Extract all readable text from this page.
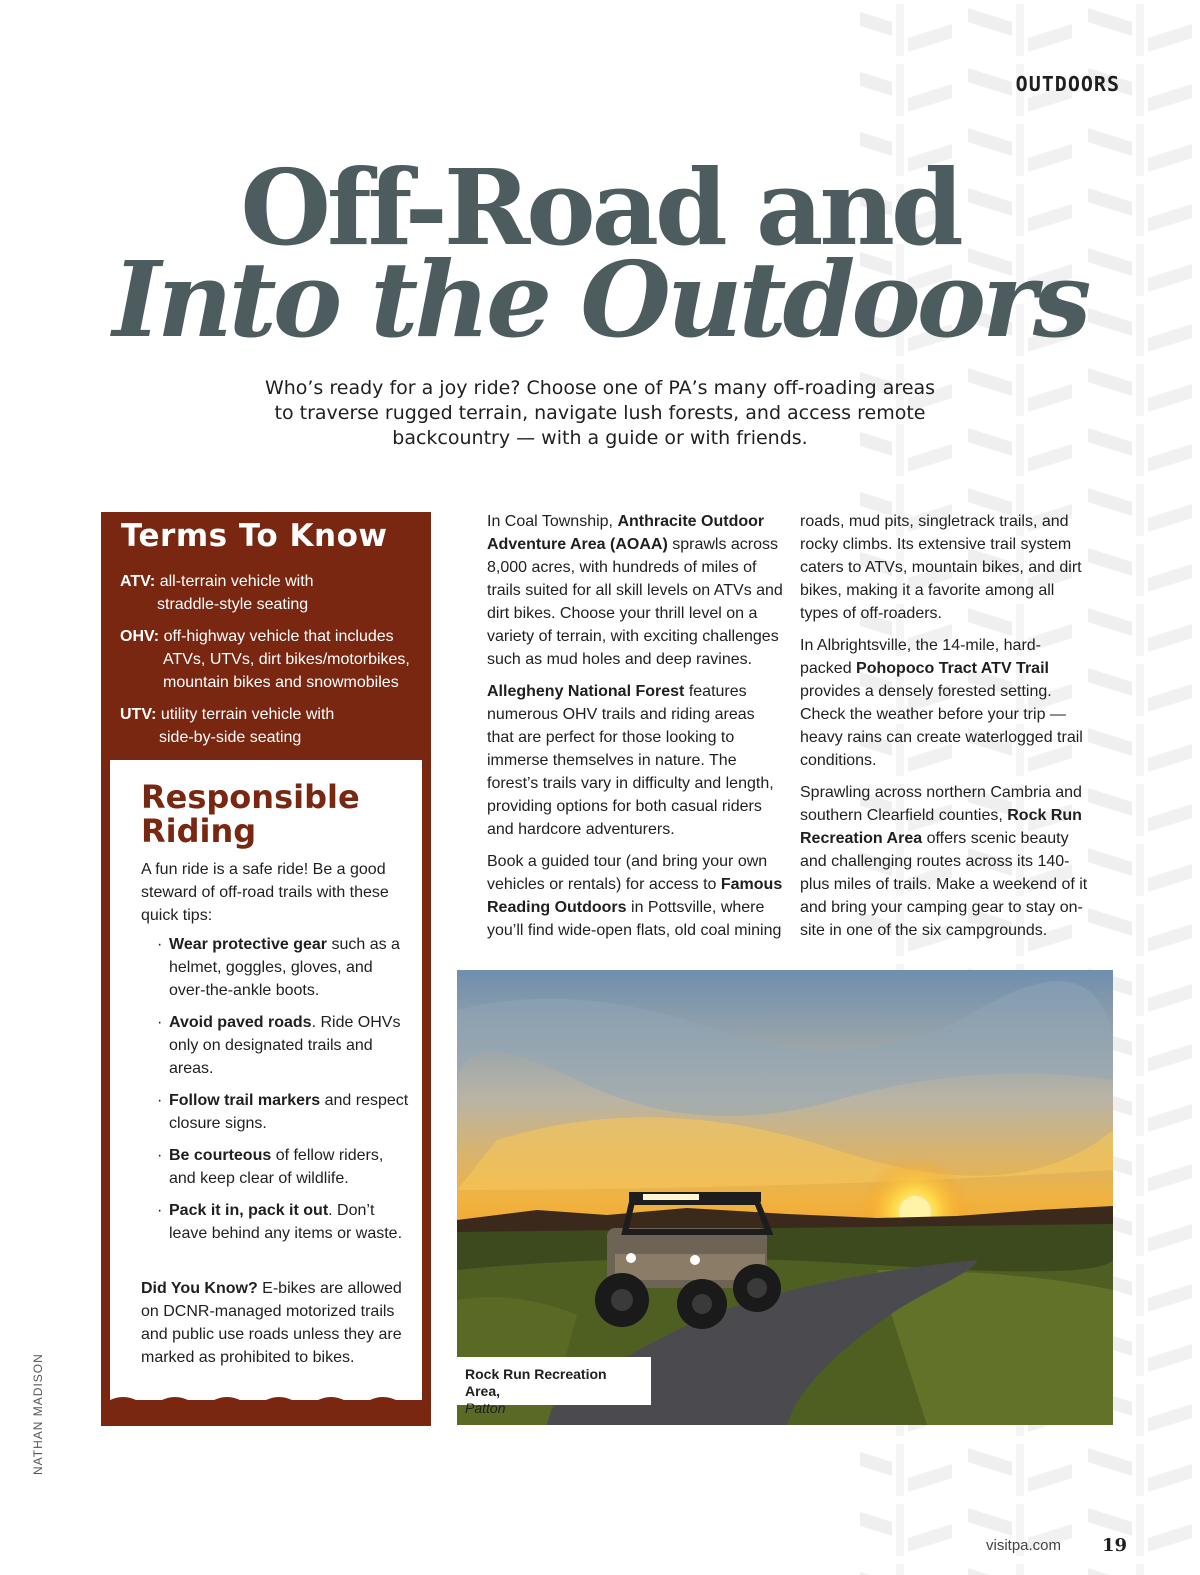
OUTDOORS
Off-Road and
Into the Outdoors

Who’s ready for a joy ride? Choose one of PA’s many off-roading areas to traverse rugged terrain, navigate lush forests, and access remote backcountry — with a guide or with friends.

Terms To Know
ATV: all-terrain vehicle with
straddle-style seating
OHV: off-highway vehicle that includes
ATVs, UTVs, dirt bikes/motorbikes, mountain bikes and snowmobiles
UTV: utility terrain vehicle with
side-by-side seating
Responsible Riding

A fun ride is a safe ride! Be a good steward of off-road trails with these quick tips:

· Wear protective gear such as a helmet, goggles, gloves, and over-the-ankle boots.
· Avoid paved roads. Ride OHVs only on designated trails and areas.
· Follow trail markers and respect closure signs.
· Be courteous of fellow riders, and keep clear of wildlife.
· Pack it in, pack it out. Don’t leave behind any items or waste.

Did You Know? E-bikes are allowed on DCNR-managed motorized trails and public use roads unless they are marked as prohibited to bikes.

In Coal Township, Anthracite Outdoor Adventure Area (AOAA) sprawls across 8,000 acres, with hundreds of miles of trails suited for all skill levels on ATVs and dirt bikes. Choose your thrill level on a variety of terrain, with exciting challenges such as mud holes and deep ravines.

Allegheny National Forest features numerous OHV trails and riding areas that are perfect for those looking to immerse themselves in nature. The forest’s trails vary in difficulty and length, providing options for both casual riders and hardcore adventurers.

Book a guided tour (and bring your own vehicles or rentals) for access to Famous Reading Outdoors in Pottsville, where you’ll find wide-open flats, old coal mining

roads, mud pits, singletrack trails, and rocky climbs. Its extensive trail system caters to ATVs, mountain bikes, and dirt bikes, making it a favorite among all types of off-roaders.

In Albrightsville, the 14-mile, hard-packed Pohopoco Tract ATV Trail provides a densely forested setting. Check the weather before your trip — heavy rains can create waterlogged trail conditions.

Sprawling across northern Cambria and southern Clearfield counties, Rock Run Recreation Area offers scenic beauty and challenging routes across its 140-plus miles of trails. Make a weekend of it and bring your camping gear to stay on-site in one of the six campgrounds.

Rock Run Recreation Area,
Patton
NATHAN MADISON
visitpa.com 19
